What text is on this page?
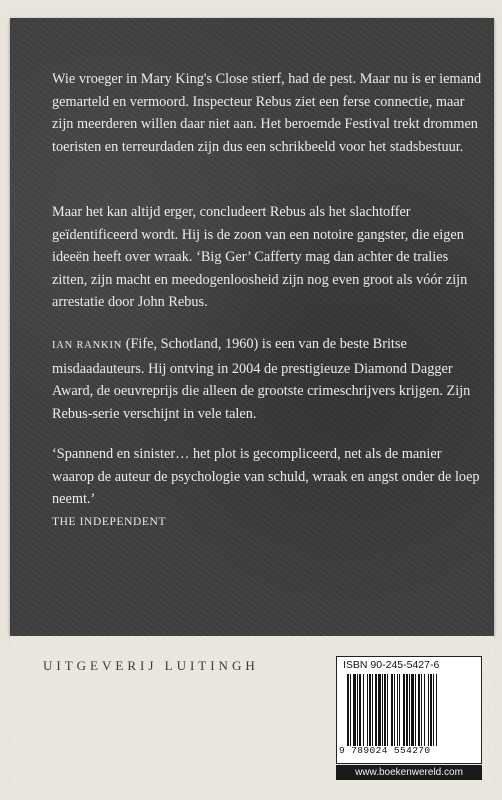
Wie vroeger in Mary King's Close stierf, had de pest. Maar nu is er iemand gemarteld en vermoord. Inspecteur Rebus ziet een ferse connectie, maar zijn meerderen willen daar niet aan. Het beroemde Festival trekt drommen toeristen en terreurdaden zijn dus een schrikbeeld voor het stadsbestuur.

Maar het kan altijd erger, concludeert Rebus als het slachtoffer geïdentificeerd wordt. Hij is de zoon van een notoire gangster, die eigen ideeën heeft over wraak. ‘Big Ger’ Cafferty mag dan achter de tralies zitten, zijn macht en meedogenloosheid zijn nog even groot als vóór zijn arrestatie door John Rebus.

IAN RANKIN (Fife, Schotland, 1960) is een van de beste Britse misdaadauteurs. Hij ontving in 2004 de prestigieuze Diamond Dagger Award, de oeuvreprijs die alleen de grootste crimeschrijvers krijgen. Zijn Rebus-serie verschijnt in vele talen.

‘Spannend en sinister… het plot is gecompliceerd, net als de manier waarop de auteur de psychologie van schuld, wraak en angst onder de loep neemt.’
THE INDEPENDENT

UITGEVERIJ LUITINGH	ISBN 90-245-5427-6
9 789024 554270
www.boekenwereld.com
